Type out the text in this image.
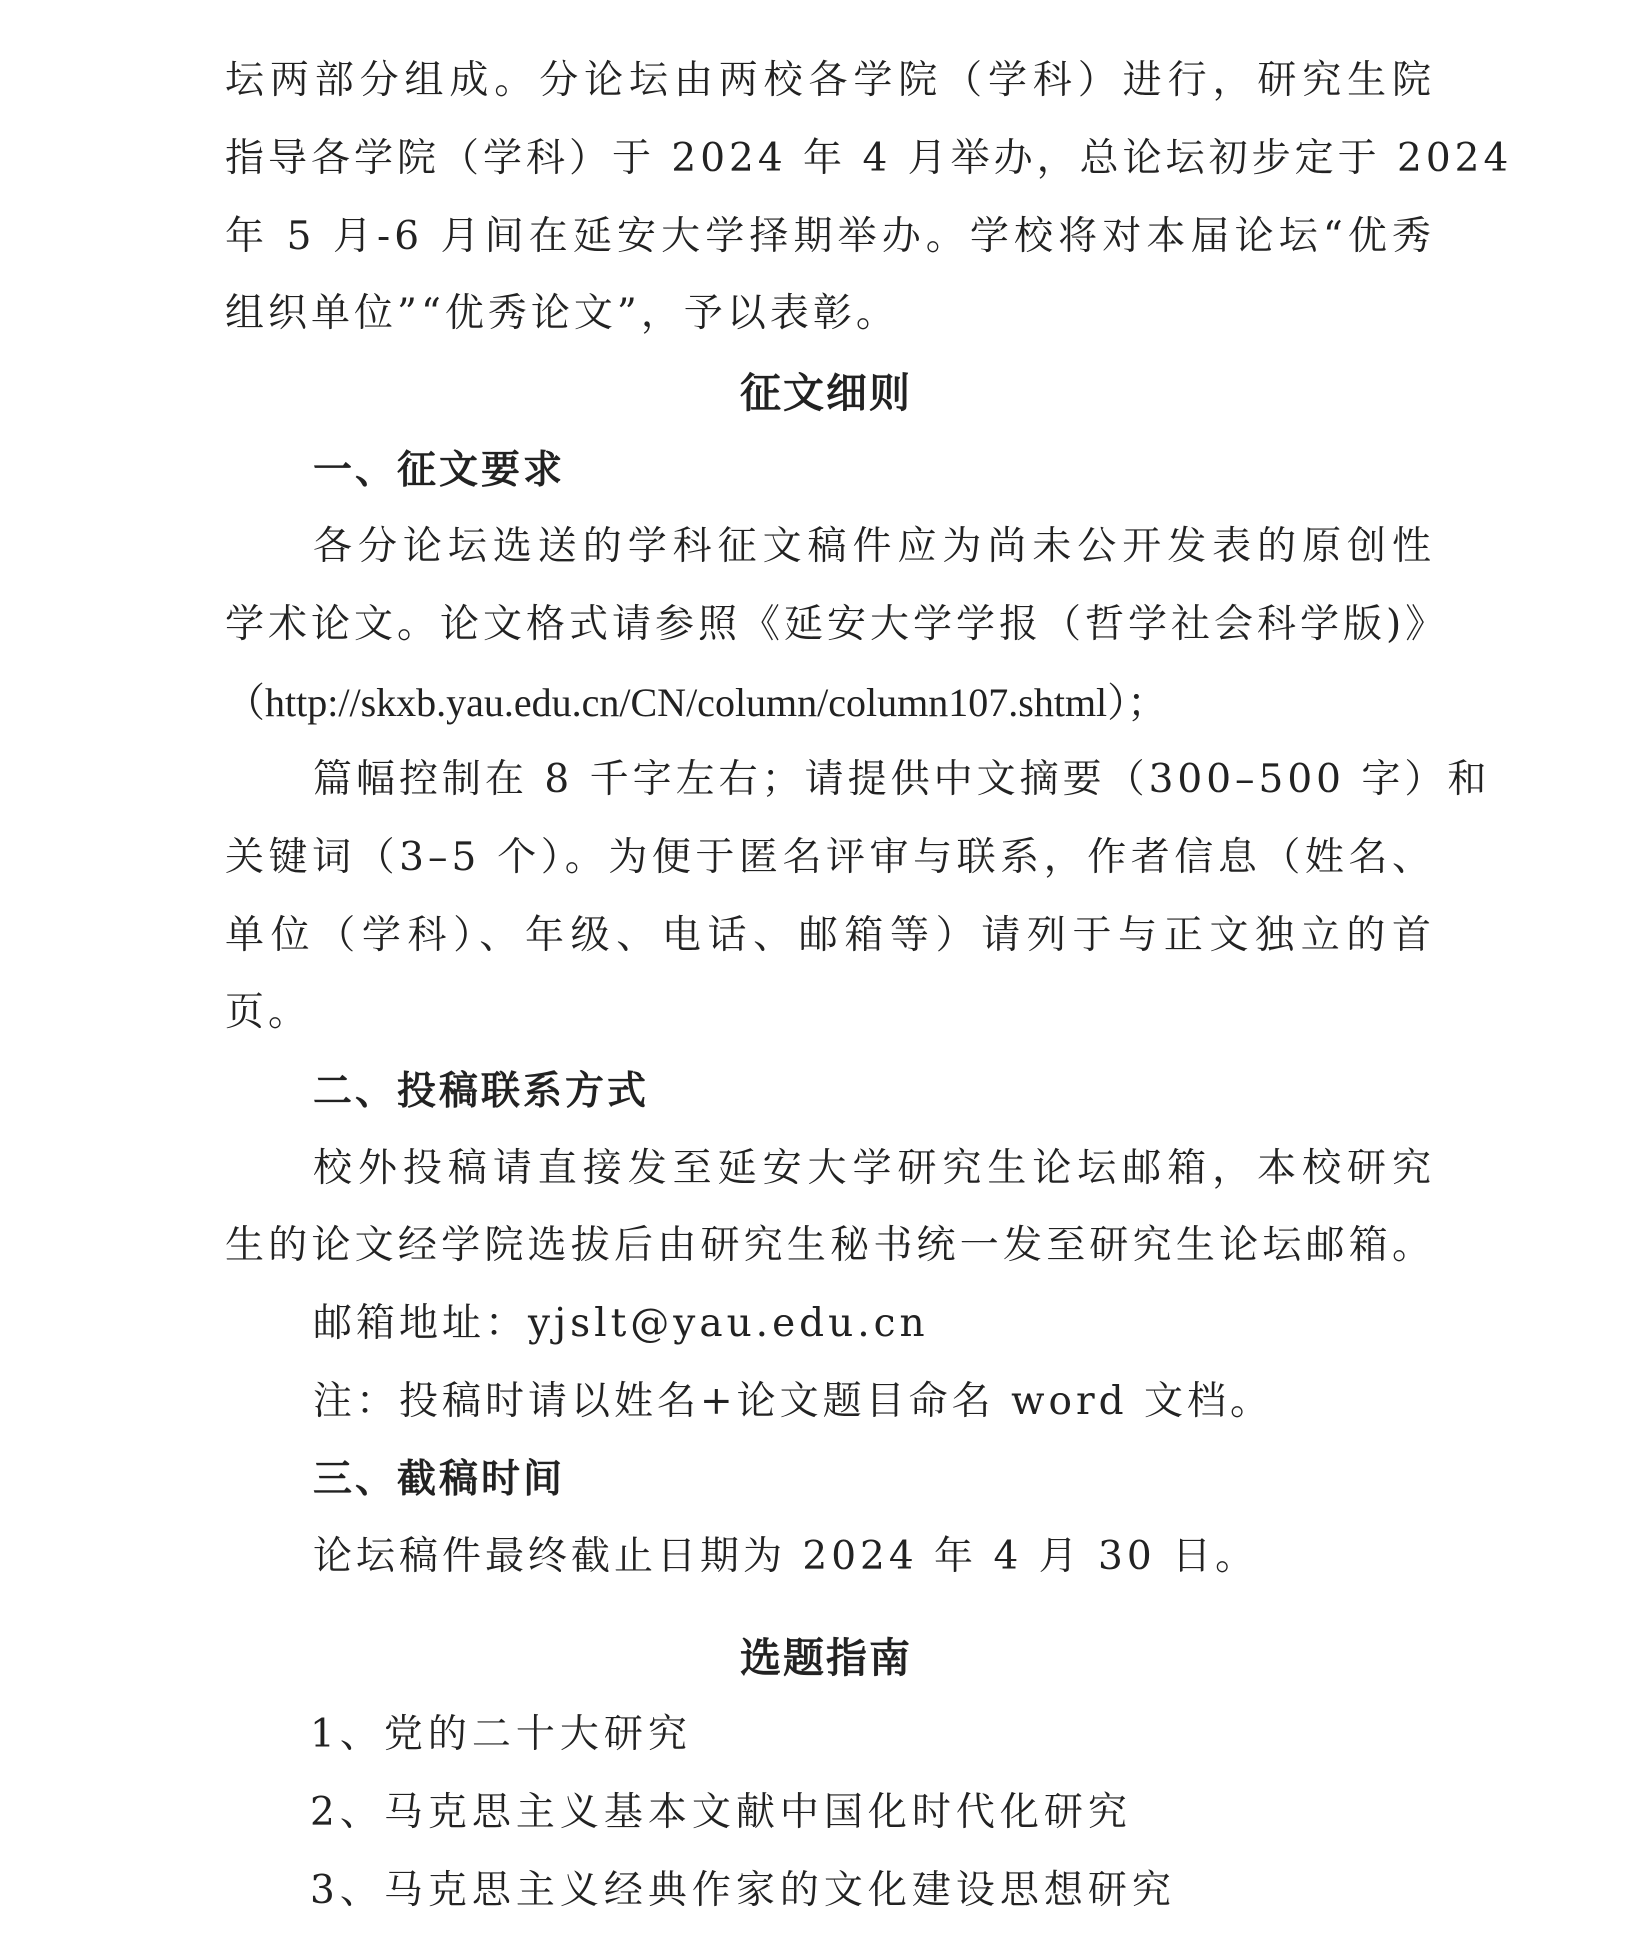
坛两部分组成。分论坛由两校各学院（学科）进行，研究生院
指导各学院（学科）于 2024 年 4 月举办，总论坛初步定于 2024
年 5 月-6 月间在延安大学择期举办。学校将对本届论坛“优秀
组织单位”“优秀论文”，予以表彰。
征文细则
一、征文要求
各分论坛选送的学科征文稿件应为尚未公开发表的原创性
学术论文。论文格式请参照《延安大学学报（哲学社会科学版)》
（http://skxb.yau.edu.cn/CN/column/column107.shtml）；
篇幅控制在 8 千字左右；请提供中文摘要（300–500 字）和
关键词（3–5 个）。为便于匿名评审与联系，作者信息（姓名、
单位（学科）、年级、电话、邮箱等）请列于与正文独立的首
页。
二、投稿联系方式
校外投稿请直接发至延安大学研究生论坛邮箱，本校研究
生的论文经学院选拔后由研究生秘书统一发至研究生论坛邮箱。
邮箱地址：yjslt@yau.edu.cn
注：投稿时请以姓名+论文题目命名 word 文档。
三、截稿时间
论坛稿件最终截止日期为 2024 年 4 月 30 日。
选题指南
1、党的二十大研究
2、马克思主义基本文献中国化时代化研究
3、马克思主义经典作家的文化建设思想研究
